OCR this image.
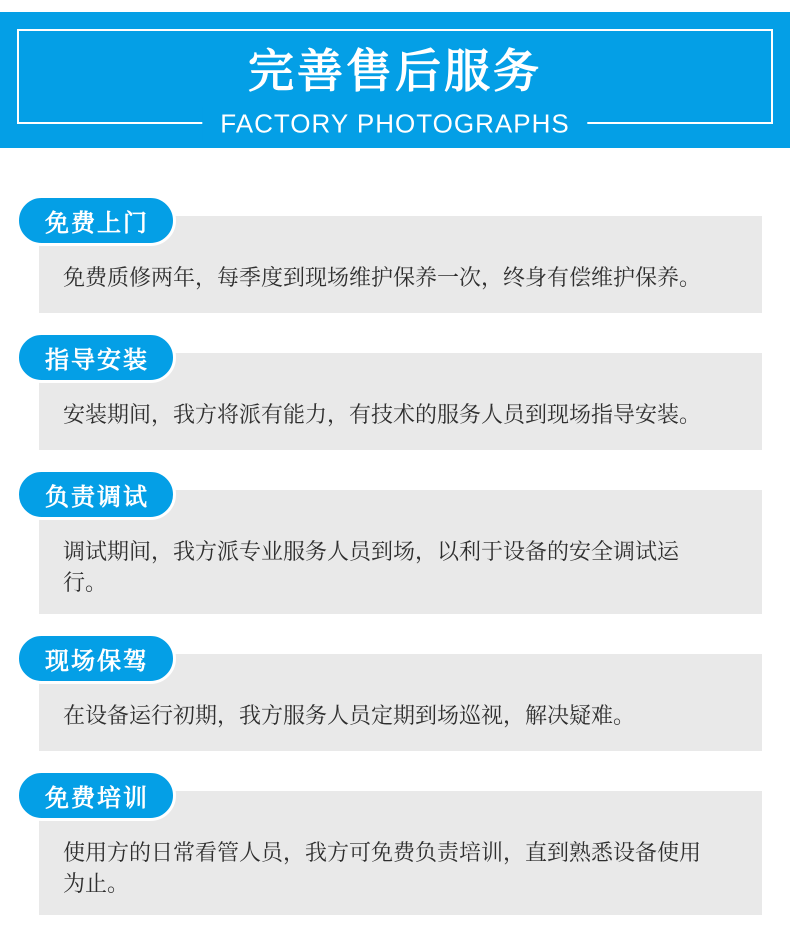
完善售后服务
FACTORY PHOTOGRAPHS
免费上门

免费质修两年，每季度到现场维护保养一次，终身有偿维护保养。

指导安装

安装期间，我方将派有能力，有技术的服务人员到现场指导安装。

负责调试

调试期间，我方派专业服务人员到场，以利于设备的安全调试运行。

现场保驾

在设备运行初期，我方服务人员定期到场巡视，解决疑难。

免费培训

使用方的日常看管人员，我方可免费负责培训，直到熟悉设备使用为止。
